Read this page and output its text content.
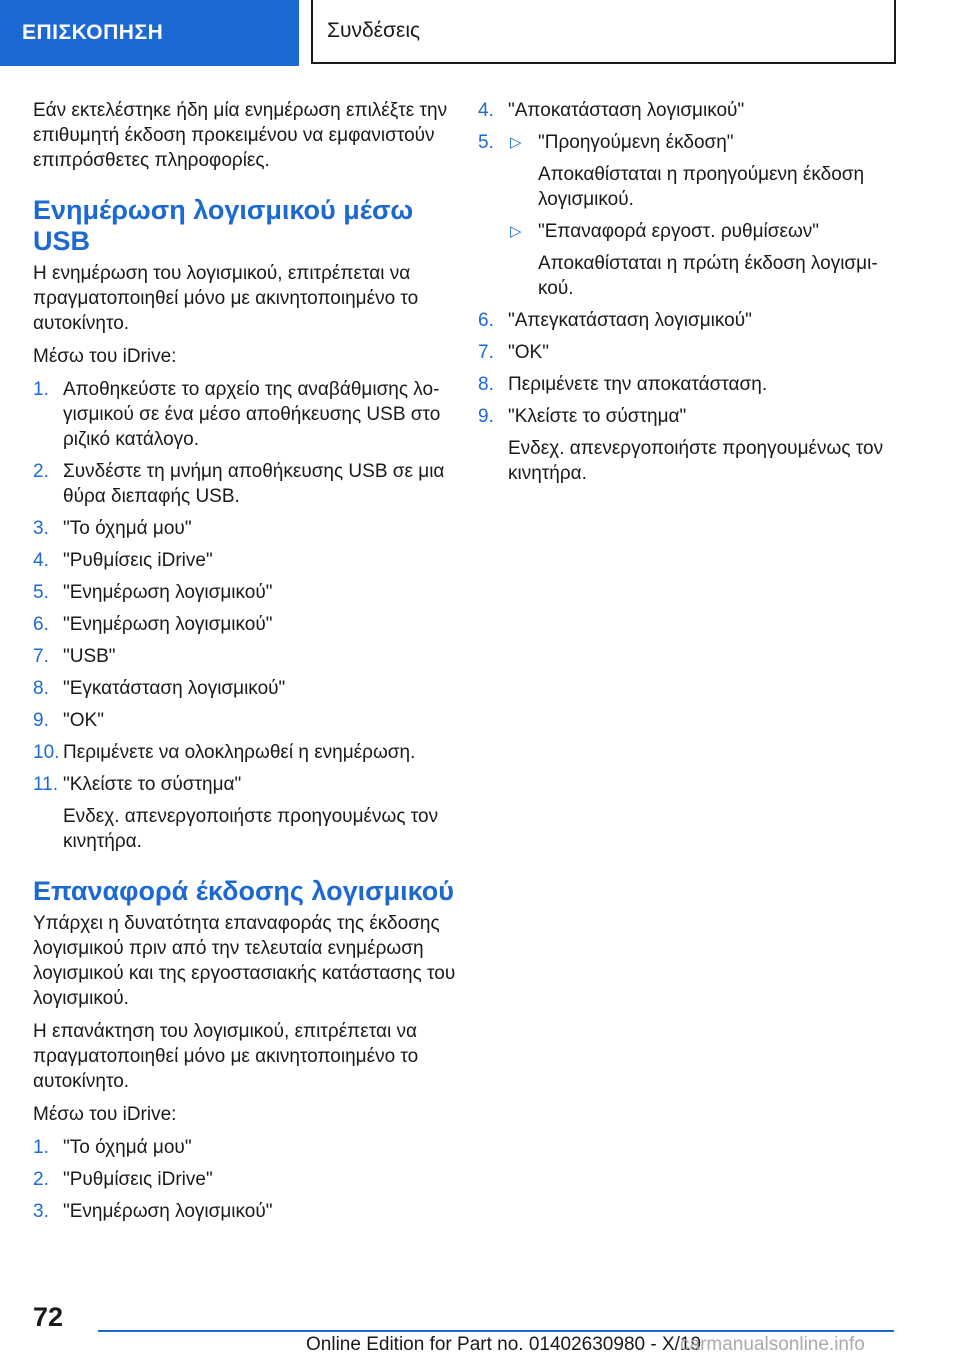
ΕΠΙΣΚΟΠΗΣΗ	Συνδέσεις

Εάν εκτελέστηκε ήδη μία ενημέρωση επιλέξτε την επιθυμητή έκδοση προκειμένου να εμφανιστούν επιπρόσθετες πληροφορίες.

Ενημέρωση λογισμικού μέσω USB

Η ενημέρωση του λογισμικού, επιτρέπεται να πραγματοποιηθεί μόνο με ακινητοποιημένο το αυτοκίνητο.

Μέσω του iDrive:

1. Αποθηκεύστε το αρχείο της αναβάθμισης λογισμικού σε ένα μέσο αποθήκευσης USB στο ριζικό κατάλογο.
2. Συνδέστε τη μνήμη αποθήκευσης USB σε μια θύρα διεπαφής USB.
3. "Το όχημά μου"
4. "Ρυθμίσεις iDrive"
5. "Ενημέρωση λογισμικού"
6. "Ενημέρωση λογισμικού"
7. "USB"
8. "Εγκατάσταση λογισμικού"
9. "OK"
10. Περιμένετε να ολοκληρωθεί η ενημέρωση.
11. "Κλείστε το σύστημα"
Ενδεχ. απενεργοποιήστε προηγουμένως τον κινητήρα.
Επαναφορά έκδοσης λογισμικού

Υπάρχει η δυνατότητα επαναφοράς της έκδοσης λογισμικού πριν από την τελευταία ενημέρωση λογισμικού και της εργοστασιακής κατάστασης του λογισμικού.

Η επανάκτηση του λογισμικού, επιτρέπεται να πραγματοποιηθεί μόνο με ακινητοποιημένο το αυτοκίνητο.

Μέσω του iDrive:

1. "Το όχημά μου"
2. "Ρυθμίσεις iDrive"
3. "Ενημέρωση λογισμικού"
4. "Αποκατάσταση λογισμικού"
5. ▷ "Προηγούμενη έκδοση"
Αποκαθίσταται η προηγούμενη έκδοση λογισμικού.
▷ "Επαναφορά εργοστ. ρυθμίσεων"
Αποκαθίσταται η πρώτη έκδοση λογισμικού.
6. "Απεγκατάσταση λογισμικού"
7. "OK"
8. Περιμένετε την αποκατάσταση.
9. "Κλείστε το σύστημα"
Ενδεχ. απενεργοποιήστε προηγουμένως τον κινητήρα.
72
Online Edition for Part no. 01402630980 - X/19
carmanualsonline.info
